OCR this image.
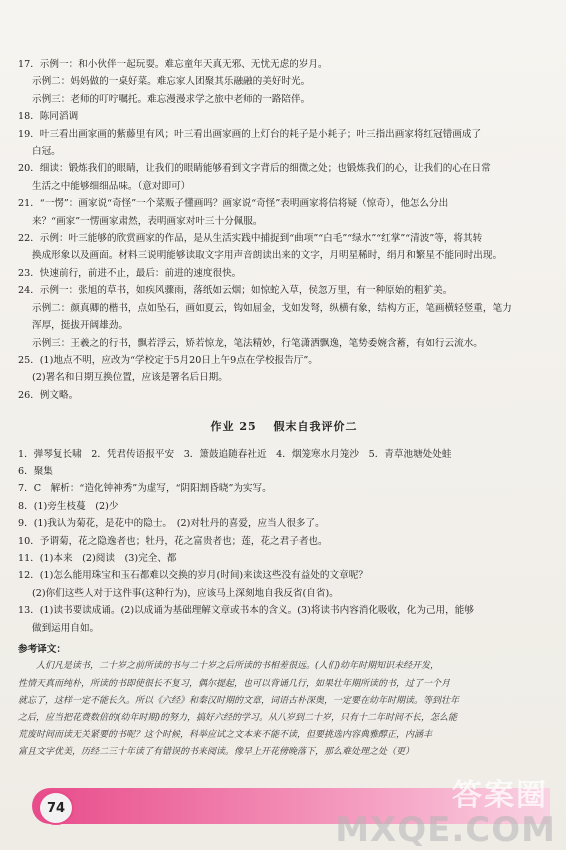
17．示例一：和小伙伴一起玩耍。难忘童年天真无邪、无忧无虑的岁月。
示例二：妈妈做的一桌好菜。难忘家人团聚其乐融融的美好时光。
示例三：老师的叮咛嘱托。难忘漫漫求学之旅中老师的一路陪伴。
18．陈同滔调
19．叶三看出画家画的紫藤里有风；叶三看出画家画的上灯台的耗子是小耗子；叶三指出画家将红冠错画成了
白冠。
20．细读：锻炼我们的眼睛，让我们的眼睛能够看到文字背后的细微之处；也锻炼我们的心，让我们的心在日常
生活之中能够细细品味。（意对即可）
21．“一愣”：画家说“奇怪”一个菜贩子懂画吗？画家说“奇怪”表明画家将信将疑（惊奇），他怎么分出
来？“画家”一愣画家肃然，表明画家对叶三十分佩服。
22．示例：叶三能够的欣赏画家的作品，是从生活实践中捕捉到“曲项”“白毛”“绿水”“红掌”“清波”等，将其转
换成形象以及画面。材料三说明能够读取文字用声音朗读出来的文字，月明星稀时，绢月和繁星不能同时出现。
23．快速前行，前进不止，最后：前进的速度很快。
24．示例一：张旭的草书，如疾风骤雨，落纸如云烟；如惊蛇入草，侯忽万里，有一种原始的粗犷美。
示例二：颜真卿的楷书，点如坠石，画如夏云，钩如屈金，戈如发弩，纵横有象，结构方正，笔画横轻竖重，笔力
浑厚，挺拔开阔雄劲。
示例三：王羲之的行书，飘若浮云，矫若惊龙，笔法精妙，行笔潇洒飘逸，笔势委婉含蓄，有如行云流水。
25．(1)地点不明，应改为“学校定于5月20日上午9点在学校报告厅”。
(2)署名和日期互换位置，应该是署名后日期。
26．例文略。
作业 25 假末自我评价二
1．弹琴复长啸　2．凭君传语报平安　3．箫鼓追随春社近　4．烟笼寒水月笼沙　5．青草池塘处处蛙
6．聚集
7．C　解析：“造化钟神秀”为虚写，“阴阳割昏晓”为实写。
8．(1)旁生枝蔓　(2)少
9．(1)我认为菊花，是花中的隐士。　(2)对牡丹的喜爱，应当人很多了。
10．予谓菊，花之隐逸者也；牡丹，花之富贵者也；莲，花之君子者也。
11．(1)本来　(2)阅读　(3)完全、都
12．(1)怎么能用珠宝和玉石都难以交换的岁月(时间)来读这些没有益处的文章呢？
(2)你们这些人对于这件事(这种行为)，应该马上深刻地自我反省(自省)。
13．(1)读书要读成诵。(2)以成诵为基础理解文章或书本的含义。(3)将读书内容消化吸收，化为己用，能够
做到运用自如。
参考译文：
人们凡是读书，二十岁之前所读的书与二十岁之后所读的书相差很远。(人们)幼年时期知识未经开发，
性情天真而纯朴，所读的书即使很长不复习，偶尔提起，也可以背诵几行，如果壮年期所读的书，过了一个月
就忘了，这样一定不能长久。所以《六经》和秦汉时期的文章，词语古朴深奥，一定要在幼年时期读。等到壮年
之后，应当把花费数倍的(幼年时期)的努力，搞好六经的学习。从八岁到二十岁，只有十二年时间不长，怎么能
荒废时间而读无关紧要的书呢？这个时候，科举应试之文本来不能不读，但要挑选内容典雅醇正，内涵丰
富且文字优美，历经二三十年读了有错误的书来阅读。像早上开花傍晚落下，那么难处理之处（更）
74	答案圈
MXQE.COM
